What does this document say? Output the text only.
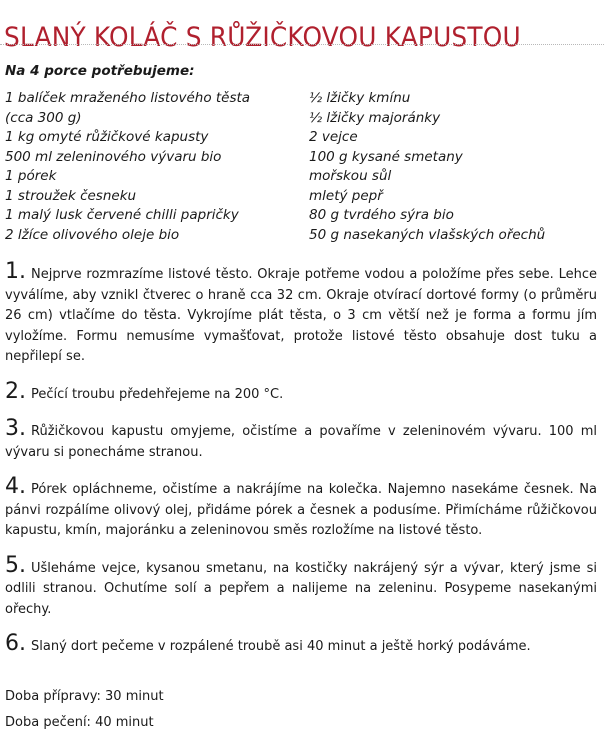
SLANÝ KOLÁČ S RŮŽIČKOVOU KAPUSTOU
Na 4 porce potřebujeme:
1 balíček mraženého listového těsta
(cca 300 g)
1 kg omyté růžičkové kapusty
500 ml zeleninového vývaru bio
1 pórek
1 stroužek česneku
1 malý lusk červené chilli papričky
2 lžíce olivového oleje bio
½ lžičky kmínu
½ lžičky majoránky
2 vejce
100 g kysané smetany
mořskou sůl
mletý pepř
80 g tvrdého sýra bio
50 g nasekaných vlašských ořechů

1. Nejprve rozmrazíme listové těsto. Okraje potřeme vodou a položíme přes sebe. Lehce vyválíme, aby vznikl čtverec o hraně cca 32 cm. Okraje otvírací dortové formy (o průměru 26 cm) vtlačíme do těsta. Vykrojíme plát těsta, o 3 cm větší než je forma a formu jím vyložíme. Formu nemusíme vymašťovat, protože listové těsto obsahuje dost tuku a nepřilepí se.

2. Pečící troubu předehřejeme na 200 °C.

3. Růžičkovou kapustu omyjeme, očistíme a povaříme v zeleninovém vývaru. 100 ml vývaru si ponecháme stranou.

4. Pórek opláchneme, očistíme a nakrájíme na kolečka. Najemno nasekáme česnek. Na pánvi rozpálíme olivový olej, přidáme pórek a česnek a podusíme. Přimícháme růžičkovou kapustu, kmín, majoránku a zeleninovou směs rozložíme na listové těsto.

5. Ušleháme vejce, kysanou smetanu, na kostičky nakrájený sýr a vývar, který jsme si odlili stranou. Ochutíme solí a pepřem a nalijeme na zeleninu. Posypeme nasekanými ořechy.

6. Slaný dort pečeme v rozpálené troubě asi 40 minut a ještě horký podáváme.

Doba přípravy: 30 minut
Doba pečení: 40 minut
